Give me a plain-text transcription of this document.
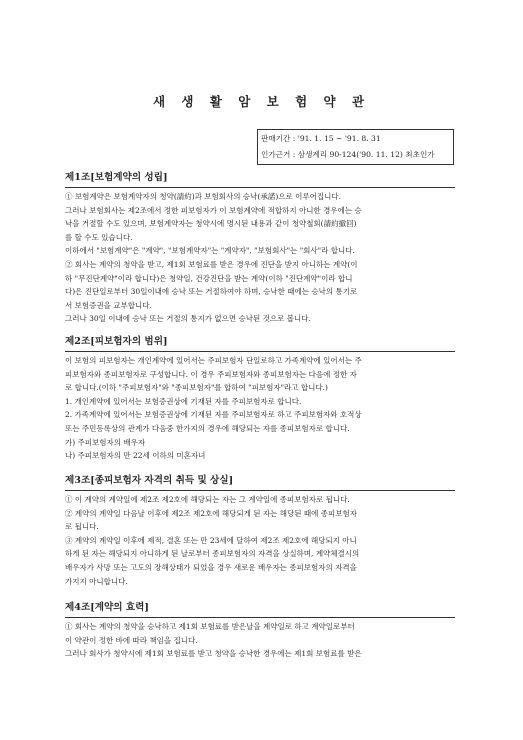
새 생 활 암 보 험 약 관
판매기간 : '91. 1. 15 ~ '91. 8. 31
인가근거 : 삼생계리 90-124('90. 11. 12) 최초인가
제1조[보험계약의 성립]
① 보험계약은 보험계약자의 청약(請約)과 보험회사의 승낙(承諾)으로 이루어집니다.
그러나 보험회사는 제2조에서 정한 피보험자가 이 보험계약에 적합하지 아니한 경우에는 승
낙을 거절할 수도 있으며, 보험계약자는 청약시에 명시된 내용과 같이 청약철회(請約撤回)
를 할 수도 있습니다.
이하에서 "보험계약"은 "계약", "보험계약자"는 "계약자", "보험회사"는 "회사"라 합니다.
② 회사는 계약의 청약을 받고, 제1회 보험료를 받은 경우에 진단을 받지 아니하는 계약(이
하 "무진단계약"이라 합니다)은 청약일, 건강진단을 받는 계약(이하 "진단계약"이라 합니
다)은 진단일로부터 30일이내에 승낙 또는 거절하여야 하며, 승낙한 때에는 승낙의 통기로
서 보험증권을 교부합니다.
그러나 30일 이내에 승낙 또는 거절의 통지가 없으면 승낙된 것으로 봅니다.
제2조[피보험자의 범위]
이 보험의 피보험자는 개인계약에 있어서는 주피보험자 단일로하고 가족계약에 있어서는 주
피보험자와 종피보험자로 구성합니다. 이 경우 주피보험자와 종피보험자는 다음에 정한 자
로 합니다.(이하 "주피보험자"와 "종피보험자"를 합하여 "피보험자"라고 합니다.)
1. 개인계약에 있어서는 보험증권상에 기재된 자를 주피보험자로 합니다.
2. 가족계약에 있어서는 보험증권상에 기재된 자를 주피보험자로 하고 주피보험자와 호적상
또는 주민등록상의 관계가 다음중 한가지의 경우에 해당되는 자를 종피보험자로 합니다.
가) 주피보험자의 배우자
나) 주피보험자의 만 22세 이하의 미혼자녀
제3조[종피보험자 자격의 취득 및 상실]
① 이 계약의 계약일에 제2조 제2호에 해당되는 자는 그 계약일에 종피보험자로 됩니다.
② 계약의 계약일 다음날 이후에 제2조 제2호에 해당되게 된 자는 해당된 때에 종피보험자
로 됩니다.
③ 계약의 계약일 이후에 제적, 결혼 또는 만 23세에 달하여 제2조 제2호에 해당되지 아니
하게 된 자는 해당되지 아니하게 된 날로부터 종피보험자의 자격을 상실하며, 계약체결시의
배우자가 사망 또는 고도의 장해상태가 되었을 경우 새로운 배우자는 종피보험자의 자격을
가지지 아니합니다.
제4조[계약의 효력]
① 회사는 계약의 청약을 승낙하고 제1회 보험료를 받은날을 계약일로 하고 계약일로부터
이 약관이 정한 바에 따라 책임을 집니다.
그러나 회사가 청약시에 제1회 보험료를 받고 청약을 승낙한 경우에는 제1회 보험료를 받은
